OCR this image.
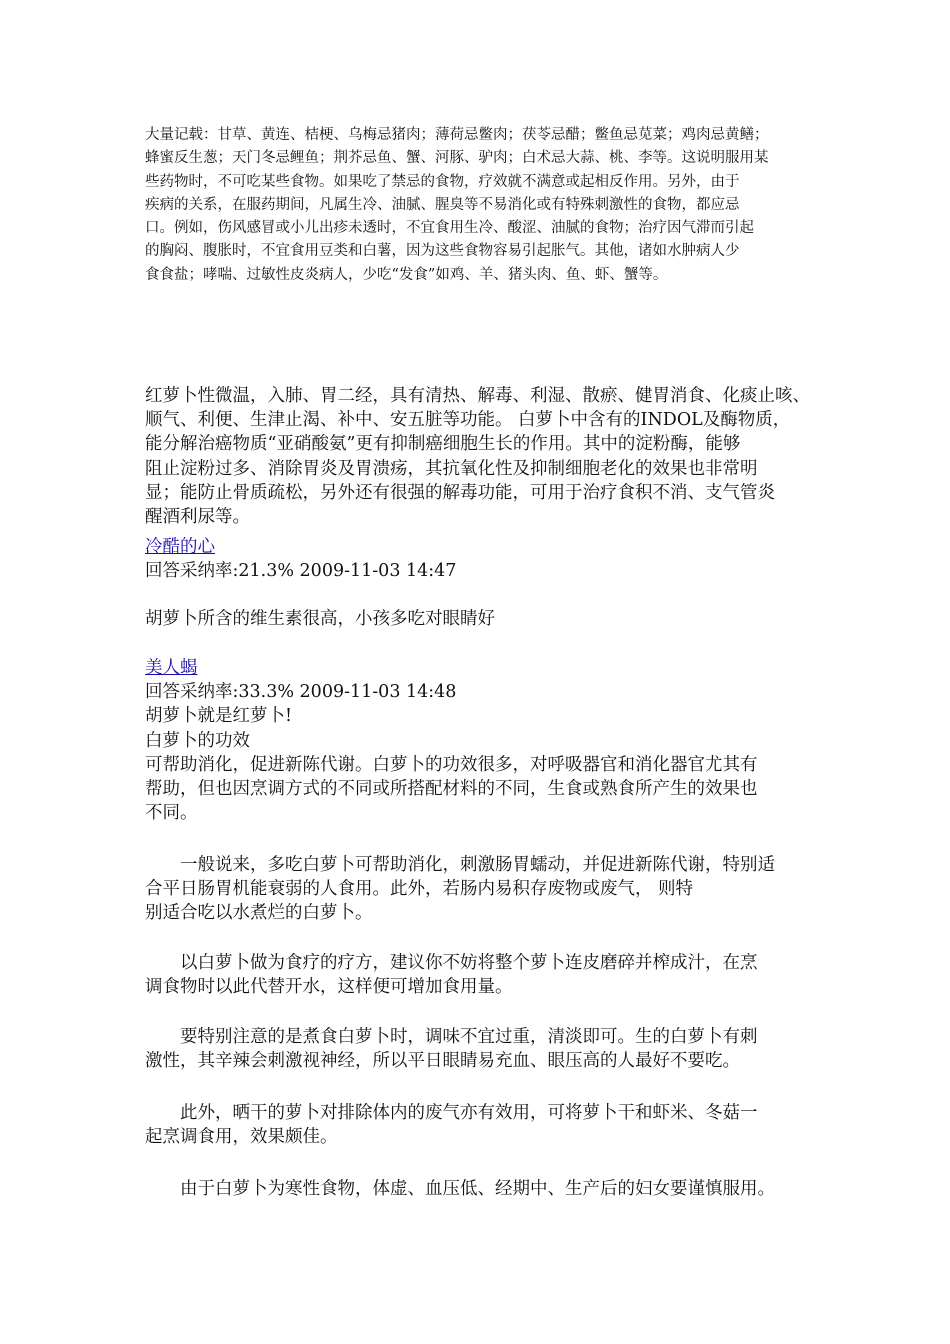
大量记载：甘草、黄连、桔梗、乌梅忌猪肉；薄荷忌鳖肉；茯苓忌醋；鳖鱼忌苋菜；鸡肉忌黄鳝；
蜂蜜反生葱；天门冬忌鲤鱼；荆芥忌鱼、蟹、河豚、驴肉；白术忌大蒜、桃、李等。这说明服用某
些药物时，不可吃某些食物。如果吃了禁忌的食物，疗效就不满意或起相反作用。另外，由于
疾病的关系，在服药期间，凡属生冷、油腻、腥臭等不易消化或有特殊刺激性的食物，都应忌
口。例如，伤风感冒或小儿出疹未透时，不宜食用生冷、酸涩、油腻的食物；治疗因气滞而引起
的胸闷、腹胀时，不宜食用豆类和白薯，因为这些食物容易引起胀气。其他，诸如水肿病人少
食食盐；哮喘、过敏性皮炎病人，少吃“发食”如鸡、羊、猪头肉、鱼、虾、蟹等。
红萝卜性微温，入肺、胃二经，具有清热、解毒、利湿、散瘀、健胃消食、化痰止咳、
顺气、利便、生津止渴、补中、安五脏等功能。 白萝卜中含有的INDOL及酶物质，
能分解治癌物质“亚硝酸氨”更有抑制癌细胞生长的作用。其中的淀粉酶，能够
阻止淀粉过多、消除胃炎及胃溃疡，其抗氧化性及抑制细胞老化的效果也非常明
显；能防止骨质疏松，另外还有很强的解毒功能，可用于治疗食积不消、支气管炎
醒酒利尿等。
冷酷的心
回答采纳率:21.3% 2009-11-03 14:47
胡萝卜所含的维生素很高，小孩多吃对眼睛好
美人蝎
回答采纳率:33.3% 2009-11-03 14:48
胡萝卜就是红萝卜!
白萝卜的功效
可帮助消化，促进新陈代谢。白萝卜的功效很多，对呼吸器官和消化器官尤其有
帮助，但也因烹调方式的不同或所搭配材料的不同，生食或熟食所产生的效果也
不同。
　　一般说来，多吃白萝卜可帮助消化，刺激肠胃蠕动，并促进新陈代谢，特别适
合平日肠胃机能衰弱的人食用。此外，若肠内易积存废物或废气， 则特
别适合吃以水煮烂的白萝卜。
　　以白萝卜做为食疗的疗方，建议你不妨将整个萝卜连皮磨碎并榨成汁，在烹
调食物时以此代替开水，这样便可增加食用量。
　　要特别注意的是煮食白萝卜时，调味不宜过重，清淡即可。生的白萝卜有刺
激性，其辛辣会刺激视神经，所以平日眼睛易充血、眼压高的人最好不要吃。
　　此外，晒干的萝卜对排除体内的废气亦有效用，可将萝卜干和虾米、冬菇一
起烹调食用，效果颇佳。
　　由于白萝卜为寒性食物，体虚、血压低、经期中、生产后的妇女要谨慎服用。
